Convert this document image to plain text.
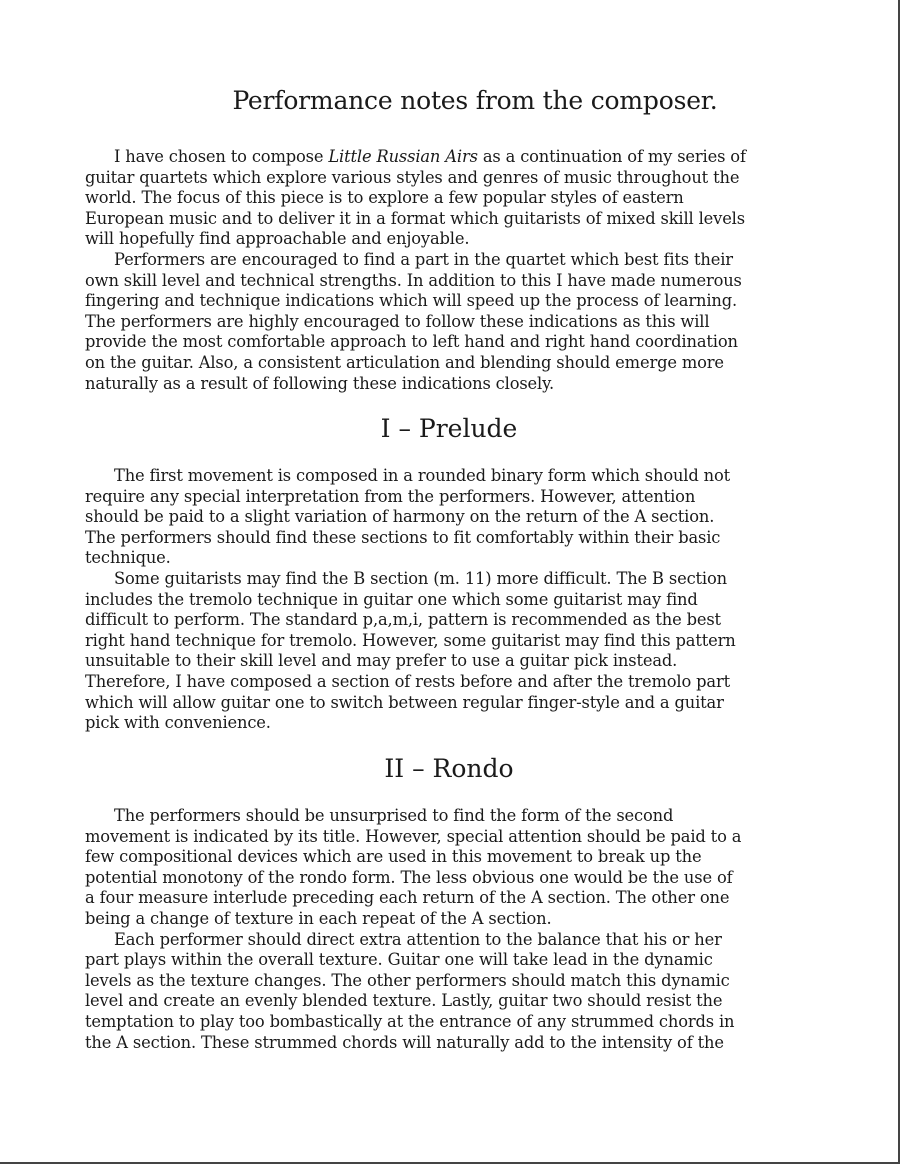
Performance notes from the composer.
I have chosen to compose Little Russian Airs as a continuation of my series of
guitar quartets which explore various styles and genres of music throughout the
world. The focus of this piece is to explore a few popular styles of eastern
European music and to deliver it in a format which guitarists of mixed skill levels
will hopefully find approachable and enjoyable.
Performers are encouraged to find a part in the quartet which best fits their
own skill level and technical strengths. In addition to this I have made numerous
fingering and technique indications which will speed up the process of learning.
The performers are highly encouraged to follow these indications as this will
provide the most comfortable approach to left hand and right hand coordination
on the guitar. Also, a consistent articulation and blending should emerge more
naturally as a result of following these indications closely.
I – Prelude
The first movement is composed in a rounded binary form which should not
require any special interpretation from the performers. However, attention
should be paid to a slight variation of harmony on the return of the A section.
The performers should find these sections to fit comfortably within their basic
technique.
Some guitarists may find the B section (m. 11) more difficult. The B section
includes the tremolo technique in guitar one which some guitarist may find
difficult to perform. The standard p,a,m,i, pattern is recommended as the best
right hand technique for tremolo. However, some guitarist may find this pattern
unsuitable to their skill level and may prefer to use a guitar pick instead.
Therefore, I have composed a section of rests before and after the tremolo part
which will allow guitar one to switch between regular finger-style and a guitar
pick with convenience.
II – Rondo
The performers should be unsurprised to find the form of the second
movement is indicated by its title. However, special attention should be paid to a
few compositional devices which are used in this movement to break up the
potential monotony of the rondo form. The less obvious one would be the use of
a four measure interlude preceding each return of the A section. The other one
being a change of texture in each repeat of the A section.
Each performer should direct extra attention to the balance that his or her
part plays within the overall texture. Guitar one will take lead in the dynamic
levels as the texture changes. The other performers should match this dynamic
level and create an evenly blended texture. Lastly, guitar two should resist the
temptation to play too bombastically at the entrance of any strummed chords in
the A section. These strummed chords will naturally add to the intensity of the
